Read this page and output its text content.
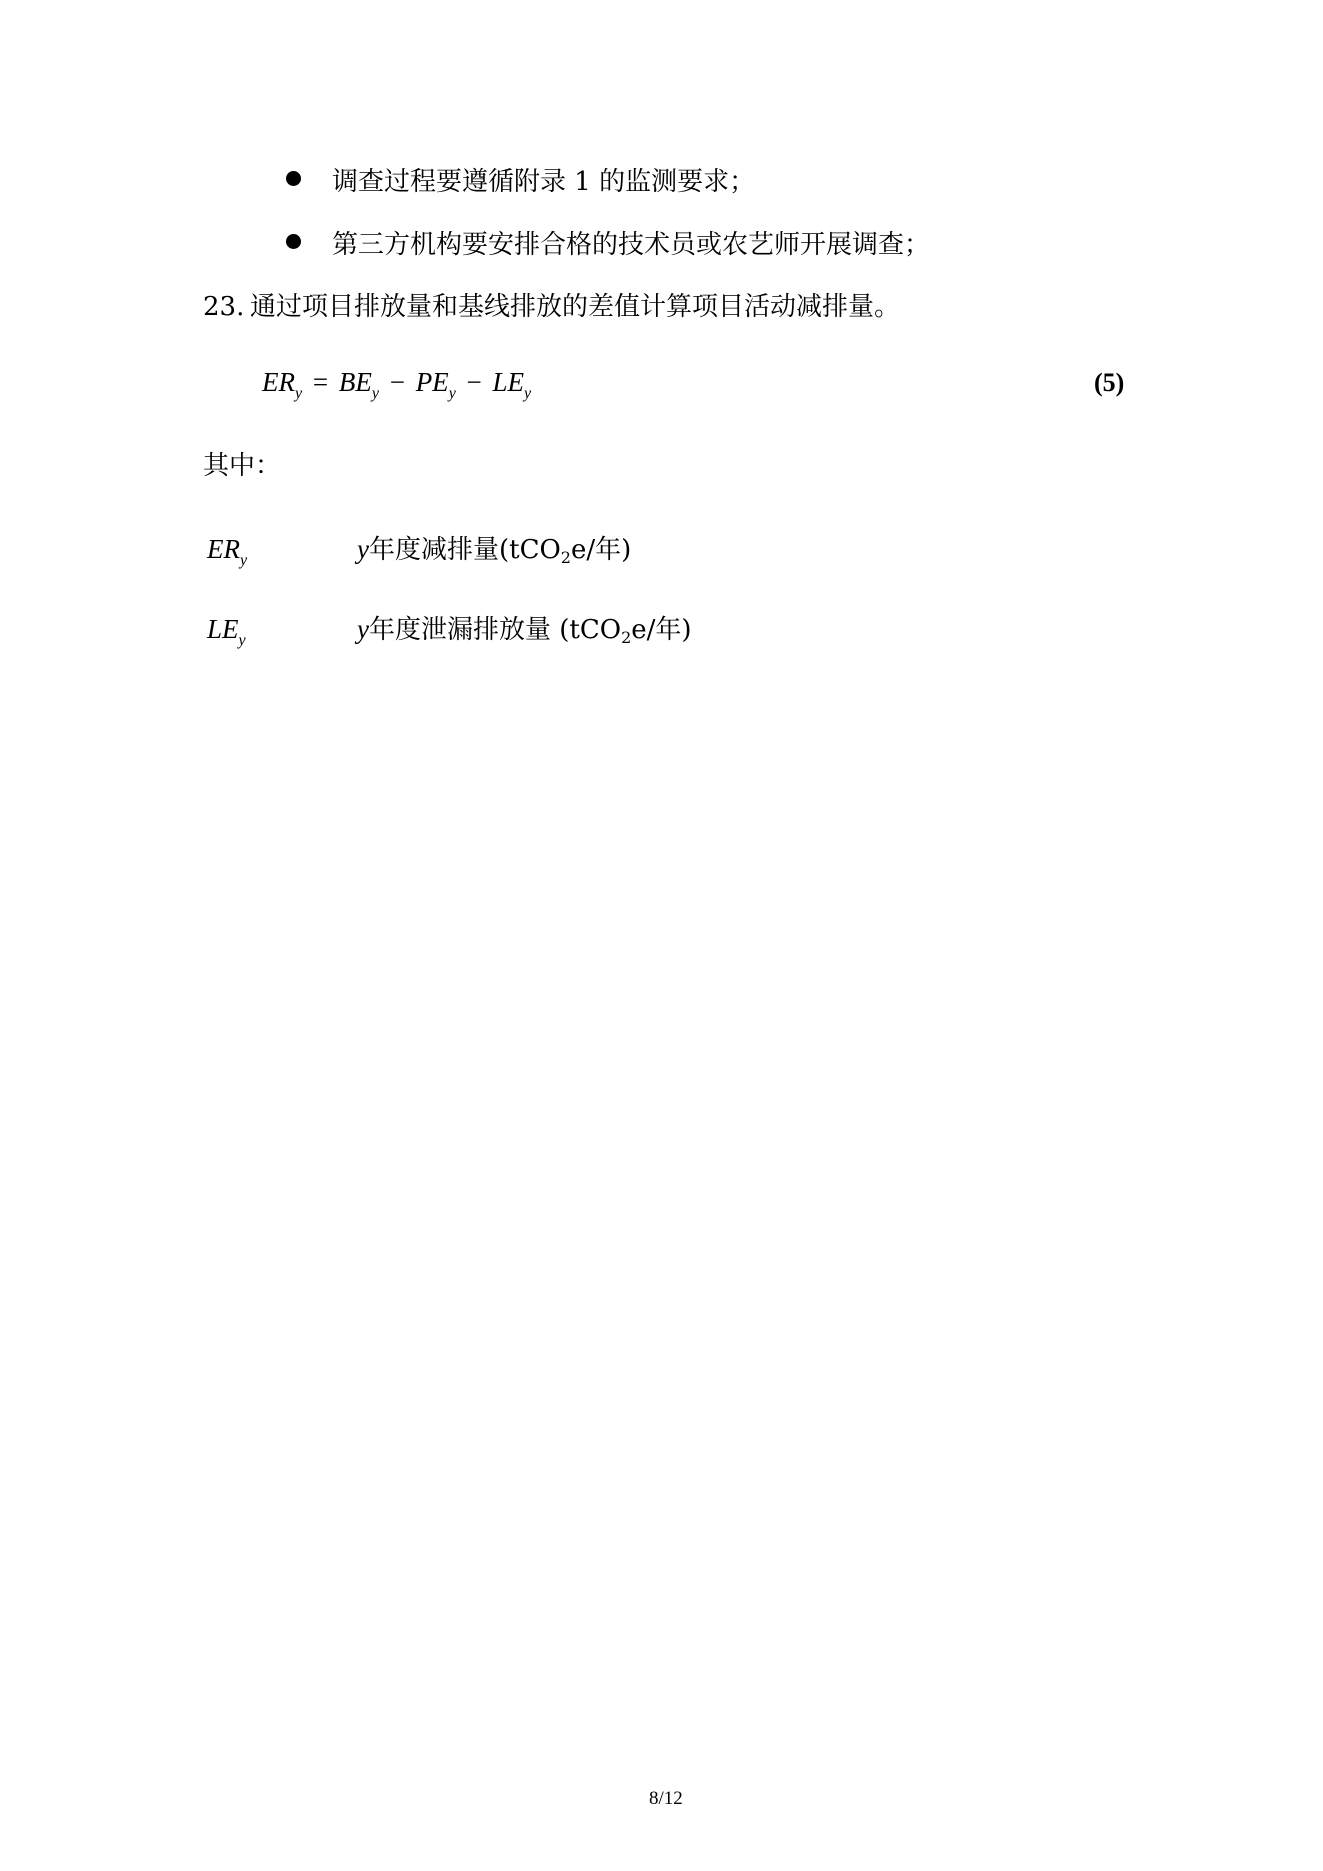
调查过程要遵循附录 1 的监测要求；
第三方机构要安排合格的技术员或农艺师开展调查；
23. 通过项目排放量和基线排放的差值计算项目活动减排量。
$ER_y = BE_y - PE_y - LE_y$	(5)
其中：
$ER_y$	y年度减排量(tCO$_2$e/年)
$LE_y$	y年度泄漏排放量 (tCO$_2$e/年)
8/12
